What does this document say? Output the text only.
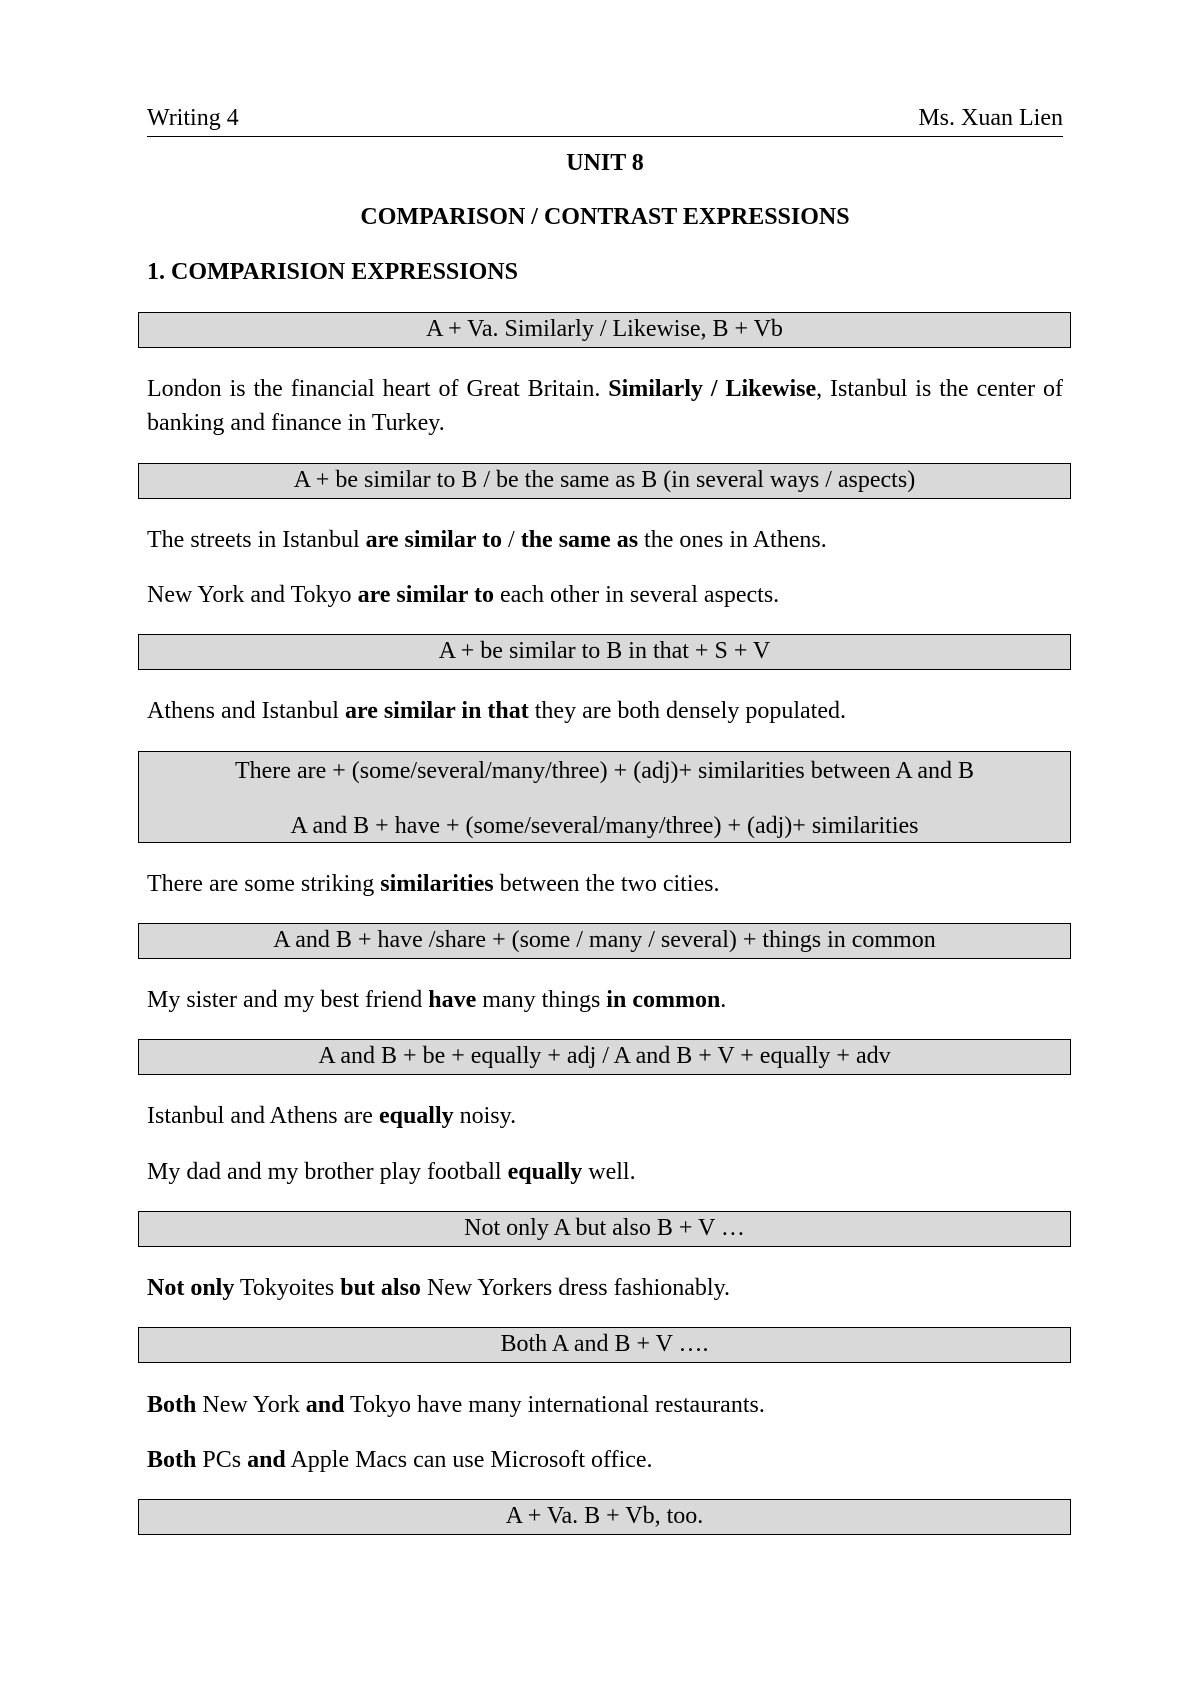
Writing 4	Ms. Xuan Lien
UNIT 8
COMPARISON / CONTRAST EXPRESSIONS
1. COMPARISION EXPRESSIONS
A + Va. Similarly / Likewise, B + Vb

London is the financial heart of Great Britain. Similarly / Likewise, Istanbul is the center of banking and finance in Turkey.

A + be similar to B / be the same as B (in several ways / aspects)

The streets in Istanbul are similar to / the same as the ones in Athens.

New York and Tokyo are similar to each other in several aspects.

A + be similar to B in that + S + V

Athens and Istanbul are similar in that they are both densely populated.

There are + (some/several/many/three) + (adj)+ similarities between A and B
A and B + have + (some/several/many/three) + (adj)+ similarities

There are some striking similarities between the two cities.

A and B + have /share + (some / many / several) + things in common

My sister and my best friend have many things in common.

A and B + be + equally + adj / A and B + V + equally + adv

Istanbul and Athens are equally noisy.

My dad and my brother play football equally well.

Not only A but also B + V …

Not only Tokyoites but also New Yorkers dress fashionably.

Both A and B + V ….

Both New York and Tokyo have many international restaurants.

Both PCs and Apple Macs can use Microsoft office.

A + Va. B + Vb, too.
